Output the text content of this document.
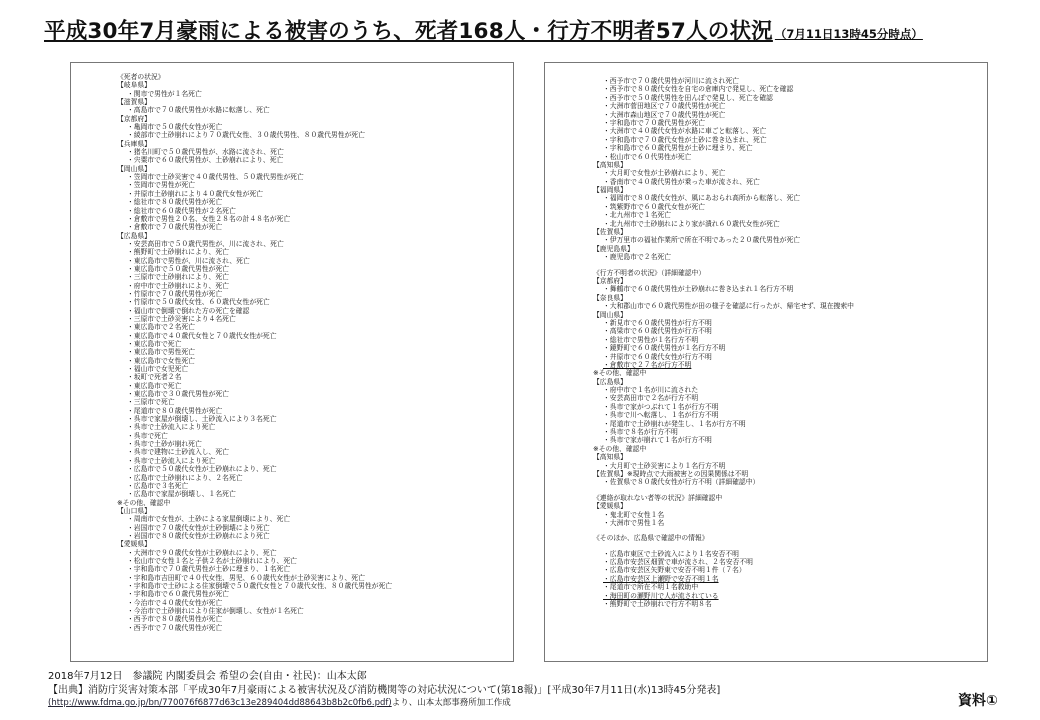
平成30年7月豪雨による被害のうち、死者168人・行方不明者57人の状況 （7月11日13時45分時点）
《死者の状況》
【岐阜県】
・関市で男性が１名死亡
【滋賀県】
・高島市で７０歳代男性が水路に転落し、死亡
【京都府】
・亀岡市で５０歳代女性が死亡
・綾部市で土砂崩れにより７０歳代女性、３０歳代男性、８０歳代男性が死亡
【兵庫県】
・猪名川町で５０歳代男性が、水路に流され、死亡
・宍粟市で６０歳代男性が、土砂崩れにより、死亡
【岡山県】
・笠岡市で土砂災害で４０歳代男性、５０歳代男性が死亡
・笠岡市で男性が死亡
・井原市土砂崩れにより４０歳代女性が死亡
・総社市で８０歳代男性が死亡
・総社市で６０歳代男性が２名死亡
・倉敷市で男性２０名、女性２８名の計４８名が死亡
・倉敷市で７０歳代男性が死亡
【広島県】
・安芸高田市で５０歳代男性が、川に流され、死亡
・熊野町で土砂崩れにより、死亡
・東広島市で男性が、川に流され、死亡
・東広島市で５０歳代男性が死亡
・三原市で土砂崩れにより、死亡
・府中市で土砂崩れにより、死亡
・竹原市で７０歳代男性が死亡
・竹原市で５０歳代女性、６０歳代女性が死亡
・福山市で倒壊で倒れた方の死亡を確認
・三原市で土砂災害により４名死亡
・東広島市で２名死亡
・東広島市で４０歳代女性と７０歳代女性が死亡
・東広島市で死亡
・東広島市で男性死亡
・東広島市で女性死亡
・福山市で女児死亡
・坂町で死者２名
・東広島市で死亡
・東広島市で３０歳代男性が死亡
・三原市で死亡
・尾道市で８０歳代男性が死亡
・呉市で家屋が倒壊し、土砂流入により３名死亡
・呉市で土砂流入により死亡
・呉市で死亡
・呉市で土砂が崩れ死亡
・呉市で建物に土砂流入し、死亡
・呉市で土砂流入により死亡
・広島市で５０歳代女性が土砂崩れにより、死亡
・広島市で土砂崩れにより、２名死亡
・広島市で３名死亡
・広島市で家屋が倒壊し、１名死亡
※その他、確認中
【山口県】
・周南市で女性が、土砂による家屋倒壊により、死亡
・岩国市で７０歳代女性が土砂倒壊により死亡
・岩国市で８０歳代女性が土砂崩れにより死亡
【愛媛県】
・大洲市で９０歳代女性が土砂崩れにより、死亡
・松山市で女性１名と子供２名が土砂崩れにより、死亡
・宇和島市で７０歳代男性が土砂に埋まり、１名死亡
・宇和島市吉田町で４０代女性、男児、６０歳代女性が土砂災害により、死亡
・宇和島市で土砂による住家倒壊で５０歳代女性と７０歳代女性、８０歳代男性が死亡
・宇和島市で６０歳代男性が死亡
・今治市で４０歳代女性が死亡
・今治市で土砂崩れにより住家が倒壊し、女性が１名死亡
・西予市で８０歳代男性が死亡
・西予市で７０歳代男性が死亡
・西予市で７０歳代男性が河川に流され死亡
・西予市で８０歳代女性を自宅の倉庫内で発見し、死亡を確認
・西予市で５０歳代男性を田んぼで発見し、死亡を確認
・大洲市菅田地区で７０歳代男性が死亡
・大洲市森山地区で７０歳代男性が死亡
・宇和島市で７０歳代男性が死亡
・大洲市で４０歳代女性が水路に車ごと転落し、死亡
・宇和島市で７０歳代女性が土砂に巻き込まれ、死亡
・宇和島市で６０歳代男性が土砂に埋まり、死亡
・松山市で６０代男性が死亡
【高知県】
・大月町で女性が土砂崩れにより、死亡
・香南市で４０歳代男性が乗った車が流され、死亡
【福岡県】
・福岡市で８０歳代女性が、風にあおられ高所から転落し、死亡
・筑紫野市で６０歳代女性が死亡
・北九州市で１名死亡
・北九州市で土砂崩れにより家が潰れ６０歳代女性が死亡
【佐賀県】
・伊万里市の福祉作業所で所在不明であった２０歳代男性が死亡
【鹿児島県】
・鹿児島市で２名死亡
《行方不明者の状況》（詳細確認中）
【京都府】
・舞鶴市で６０歳代男性が土砂崩れに巻き込まれ１名行方不明
【奈良県】
・大和郡山市で６０歳代男性が田の様子を確認に行ったが、帰宅せず、現在捜索中
【岡山県】
・新見市で６０歳代男性が行方不明
・高梁市で６０歳代男性が行方不明
・総社市で男性が１名行方不明
・鏡野町で６０歳代男性が１名行方不明
・井原市で６０歳代女性が行方不明
・倉敷市で２７名が行方不明
※その他、確認中
【広島県】
・府中市で１名が川に流された
・安芸高田市で２名が行方不明
・呉市で家がつぶれて１名が行方不明
・呉市で川へ転落し、１名が行方不明
・尾道市で土砂崩れが発生し、１名が行方不明
・呉市で８名が行方不明
・呉市で家が崩れて１名が行方不明
※その他、確認中
【高知県】
・大月町で土砂災害により１名行方不明
【佐賀県】※現時点で大雨被害との因果関係は不明
・佐賀県で８０歳代女性が行方不明（詳細確認中）
《連絡が取れない者等の状況》詳細確認中
【愛媛県】
・鬼北町で女性１名
・大洲市で男性１名
《そのほか、広島県で確認中の情報》
・広島市東区で土砂流入により１名安否不明
・広島市安芸区畑賀で車が流され、２名安否不明
・広島市安芸区矢野東で安否不明１件（７名）
・広島市安芸区上瀬野で安否不明１名
・尾道市で所在不明１名救助中
・海田町の瀬野川で人が流されている
・熊野町で土砂崩れで行方不明８名
2018年7月12日　参議院 内閣委員会 希望の会(自由・社民)：山本太郎
【出典】消防庁災害対策本部「平成30年7月豪雨による被害状況及び消防機関等の対応状況について(第18報)」[平成30年7月11日(水)13時45分発表]
(http://www.fdma.go.jp/bn/770076f6877d63c13e289404dd88643b8b2c0fb6.pdf)より、山本太郎事務所加工作成	資料①
